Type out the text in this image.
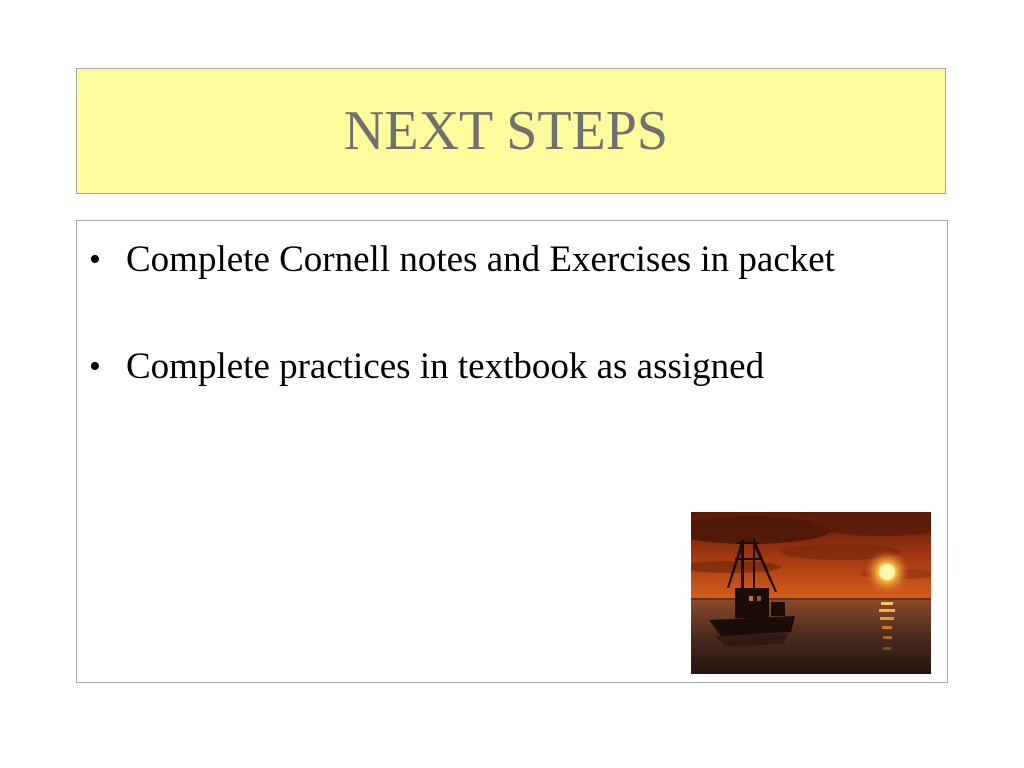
NEXT STEPS
• Complete Cornell notes and Exercises in packet
• Complete practices in textbook as assigned
